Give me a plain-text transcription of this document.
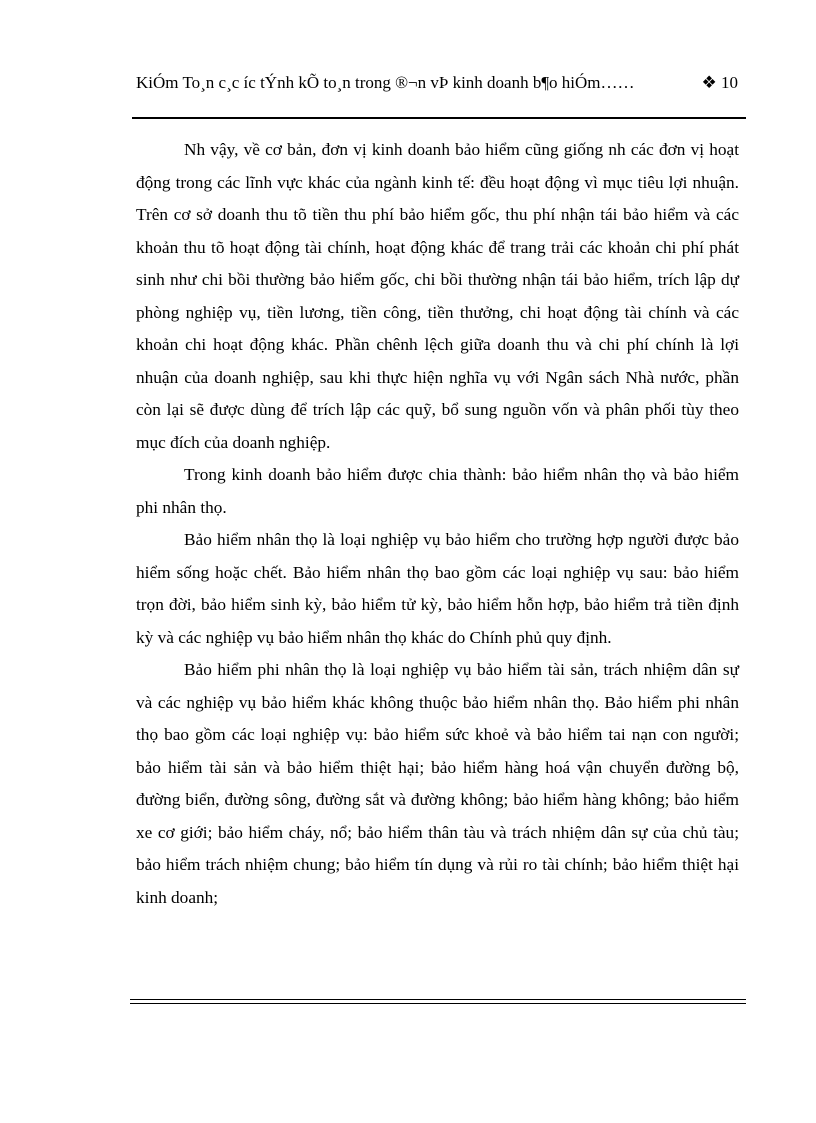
KiÓm To¸n c¸c íc tÝnh kÕ to¸n trong ®¬n vÞ kinh doanh b¶o hiÓm……	❖ 10

Nh vậy, về cơ bản, đơn vị kinh doanh bảo hiểm cũng giống nh các đơn vị hoạt động trong các lĩnh vực khác của ngành kinh tế: đều hoạt động vì mục tiêu lợi nhuận. Trên cơ sở doanh thu tõ tiền thu phí bảo hiểm gốc, thu phí nhận tái bảo hiểm và các khoản thu tõ hoạt động tài chính, hoạt động khác để trang trải các khoản chi phí phát sinh như chi bồi thường bảo hiểm gốc, chi bồi thường nhận tái bảo hiểm, trích lập dự phòng nghiệp vụ, tiền lương, tiền công, tiền thưởng, chi hoạt động tài chính và các khoản chi hoạt động khác. Phần chênh lệch giữa doanh thu và chi phí chính là lợi nhuận của doanh nghiệp, sau khi thực hiện nghĩa vụ với Ngân sách Nhà nước, phần còn lại sẽ được dùng để trích lập các quỹ, bổ sung nguồn vốn và phân phối tùy theo mục đích của doanh nghiệp.

Trong kinh doanh bảo hiểm được chia thành: bảo hiểm nhân thọ và bảo hiểm phi nhân thọ.

Bảo hiểm nhân thọ là loại nghiệp vụ bảo hiểm cho trường hợp người được bảo hiểm sống hoặc chết. Bảo hiểm nhân thọ bao gồm các loại nghiệp vụ sau: bảo hiểm trọn đời, bảo hiểm sinh kỳ, bảo hiểm tử kỳ, bảo hiểm hỗn hợp, bảo hiểm trả tiền định kỳ và các nghiệp vụ bảo hiểm nhân thọ khác do Chính phủ quy định.

Bảo hiểm phi nhân thọ là loại nghiệp vụ bảo hiểm tài sản, trách nhiệm dân sự và các nghiệp vụ bảo hiểm khác không thuộc bảo hiểm nhân thọ. Bảo hiểm phi nhân thọ bao gồm các loại nghiệp vụ: bảo hiểm sức khoẻ và bảo hiểm tai nạn con người; bảo hiểm tài sản và bảo hiểm thiệt hại; bảo hiểm hàng hoá vận chuyển đường bộ, đường biển, đường sông, đường sắt và đường không; bảo hiểm hàng không; bảo hiểm xe cơ giới; bảo hiểm cháy, nổ; bảo hiểm thân tàu và trách nhiệm dân sự của chủ tàu; bảo hiểm trách nhiệm chung; bảo hiểm tín dụng và rủi ro tài chính; bảo hiểm thiệt hại kinh doanh;
